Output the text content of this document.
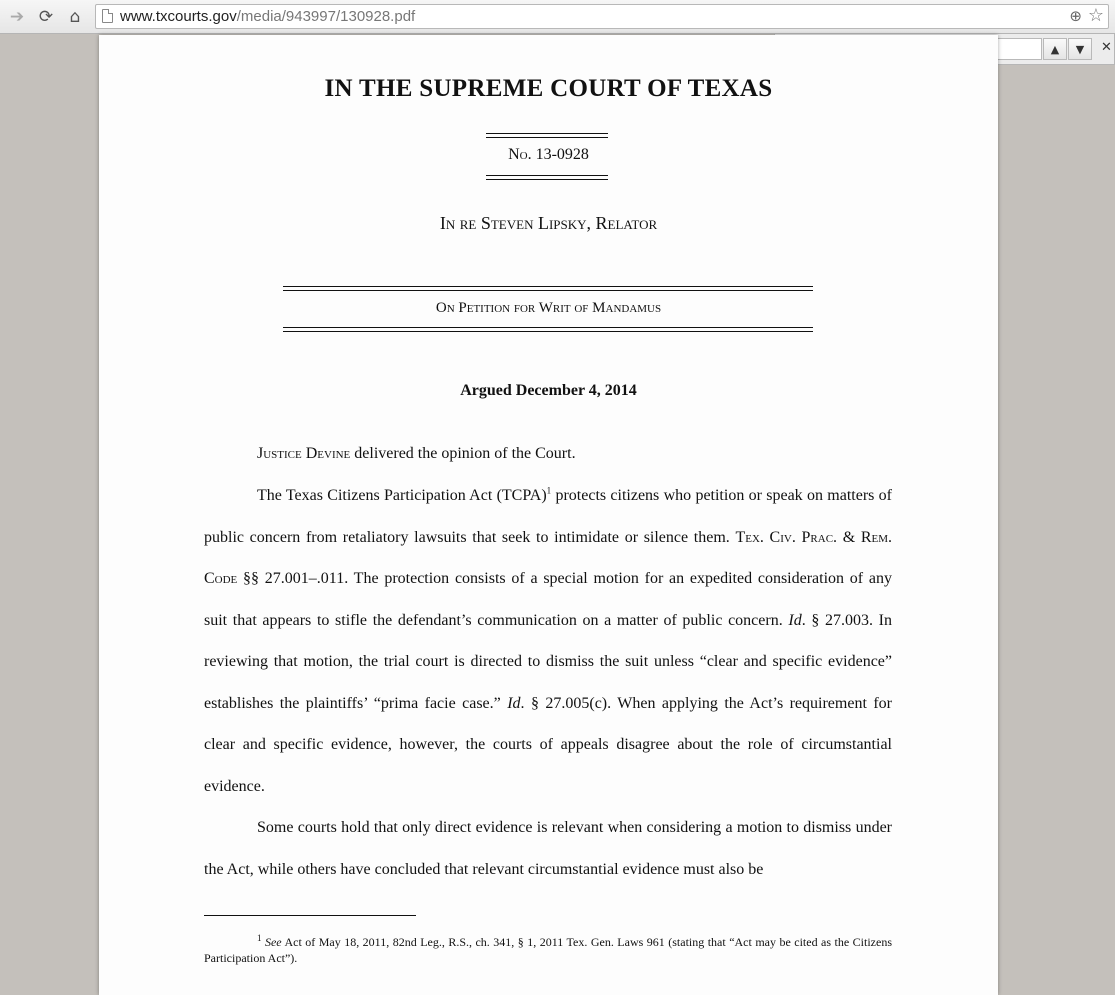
➔ ⟳ ⌂	www.txcourts.gov/media/943997/130928.pdf	⊕ ☆
▲ ▼ ✕
IN THE SUPREME COURT OF TEXAS
No. 13-0928
In re Steven Lipsky, Relator
On Petition for Writ of Mandamus
Argued December 4, 2014
Justice Devine delivered the opinion of the Court.
The Texas Citizens Participation Act (TCPA)$^1$ protects citizens who petition or speak on matters of public concern from retaliatory lawsuits that seek to intimidate or silence them. Tex. Civ. Prac. & Rem. Code §§ 27.001–.011. The protection consists of a special motion for an expedited consideration of any suit that appears to stifle the defendant’s communication on a matter of public concern. Id. § 27.003. In reviewing that motion, the trial court is directed to dismiss the suit unless “clear and specific evidence” establishes the plaintiffs’ “prima facie case.” Id. § 27.005(c). When applying the Act’s requirement for clear and specific evidence, however, the courts of appeals disagree about the role of circumstantial evidence.
Some courts hold that only direct evidence is relevant when considering a motion to dismiss under the Act, while others have concluded that relevant circumstantial evidence must also be
$^1$ See Act of May 18, 2011, 82nd Leg., R.S., ch. 341, § 1, 2011 Tex. Gen. Laws 961 (stating that “Act may be cited as the Citizens Participation Act”).
